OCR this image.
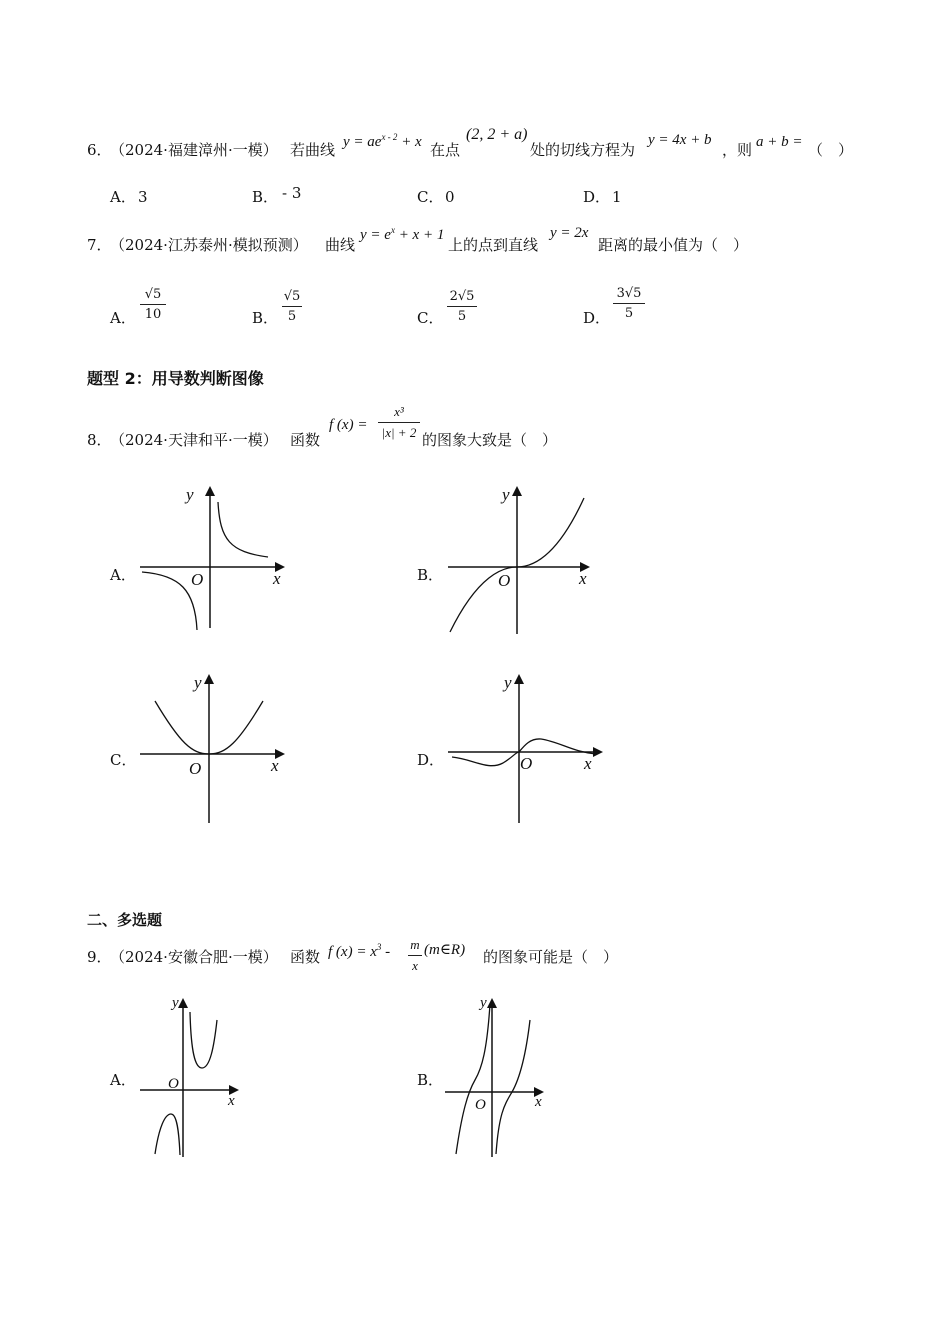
6．
（2024·福建漳州·一模） 若曲线 $y = ae^{x - 2} + x$ 在点
(2, 2 + a)
处的切线方程为
y = 4x + b
，则 a + b = （　）
A． 3	B． - 3	C． 0	D． 1
7．
（2024·江苏泰州·模拟预测） 曲线
$y = e^x + x + 1$
上的点到直线
y = 2x
距离的最小值为（　）
A． $\frac{√5}{10}$	B． $\frac{√5}{5}$	C． $\frac{2√5}{5}$	D． $\frac{3√5}{5}$
题型 2：用导数判断图像
8．
（2024·天津和平·一模） 函数
f $(x) = \frac{\text{x³}}{|x| + 2}$ 的图象大致是（　）
A．
y
x
O	B．
y
x
O
C．
y
x
O	D．
y
x
O
二、多选题
9．
（2024·安徽合肥·一模） 函数 f $(x) = x^3 - \frac{m}{x}$ (m∈R) 的图象可能是（　）
A．
y
x
O	B．
y
x
O
